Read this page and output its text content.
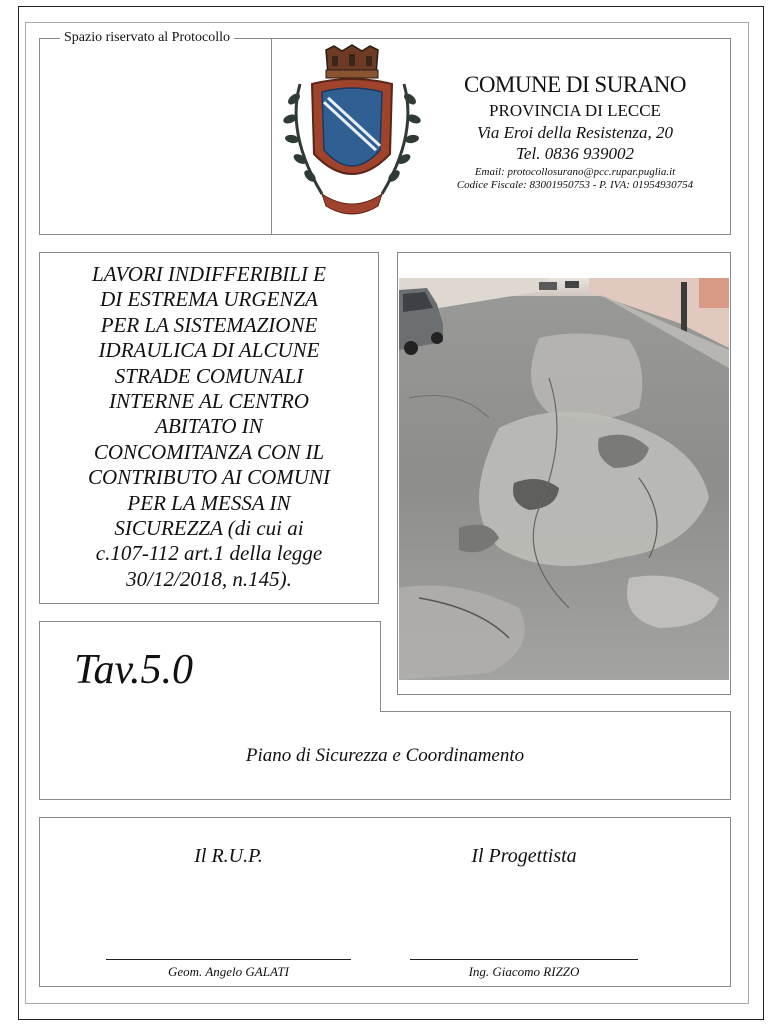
Spazio riservato al Protocollo
COMUNE DI SURANO
PROVINCIA DI LECCE
Via Eroi della Resistenza, 20
Tel. 0836 939002
Email: protocollosurano@pcc.rupar.puglia.it
Codice Fiscale: 83001950753 - P. IVA: 01954930754
LAVORI INDIFFERIBILI E
DI ESTREMA URGENZA
PER LA SISTEMAZIONE
IDRAULICA DI ALCUNE
STRADE COMUNALI
INTERNE AL CENTRO
ABITATO IN
CONCOMITANZA CON IL
CONTRIBUTO AI COMUNI
PER LA MESSA IN
SICUREZZA (di cui ai
c.107-112 art.1 della legge
30/12/2018, n.145).
Tav.5.0
Piano di Sicurezza e Coordinamento
Il R.U.P.	Il Progettista
Geom. Angelo GALATI	Ing. Giacomo RIZZO
